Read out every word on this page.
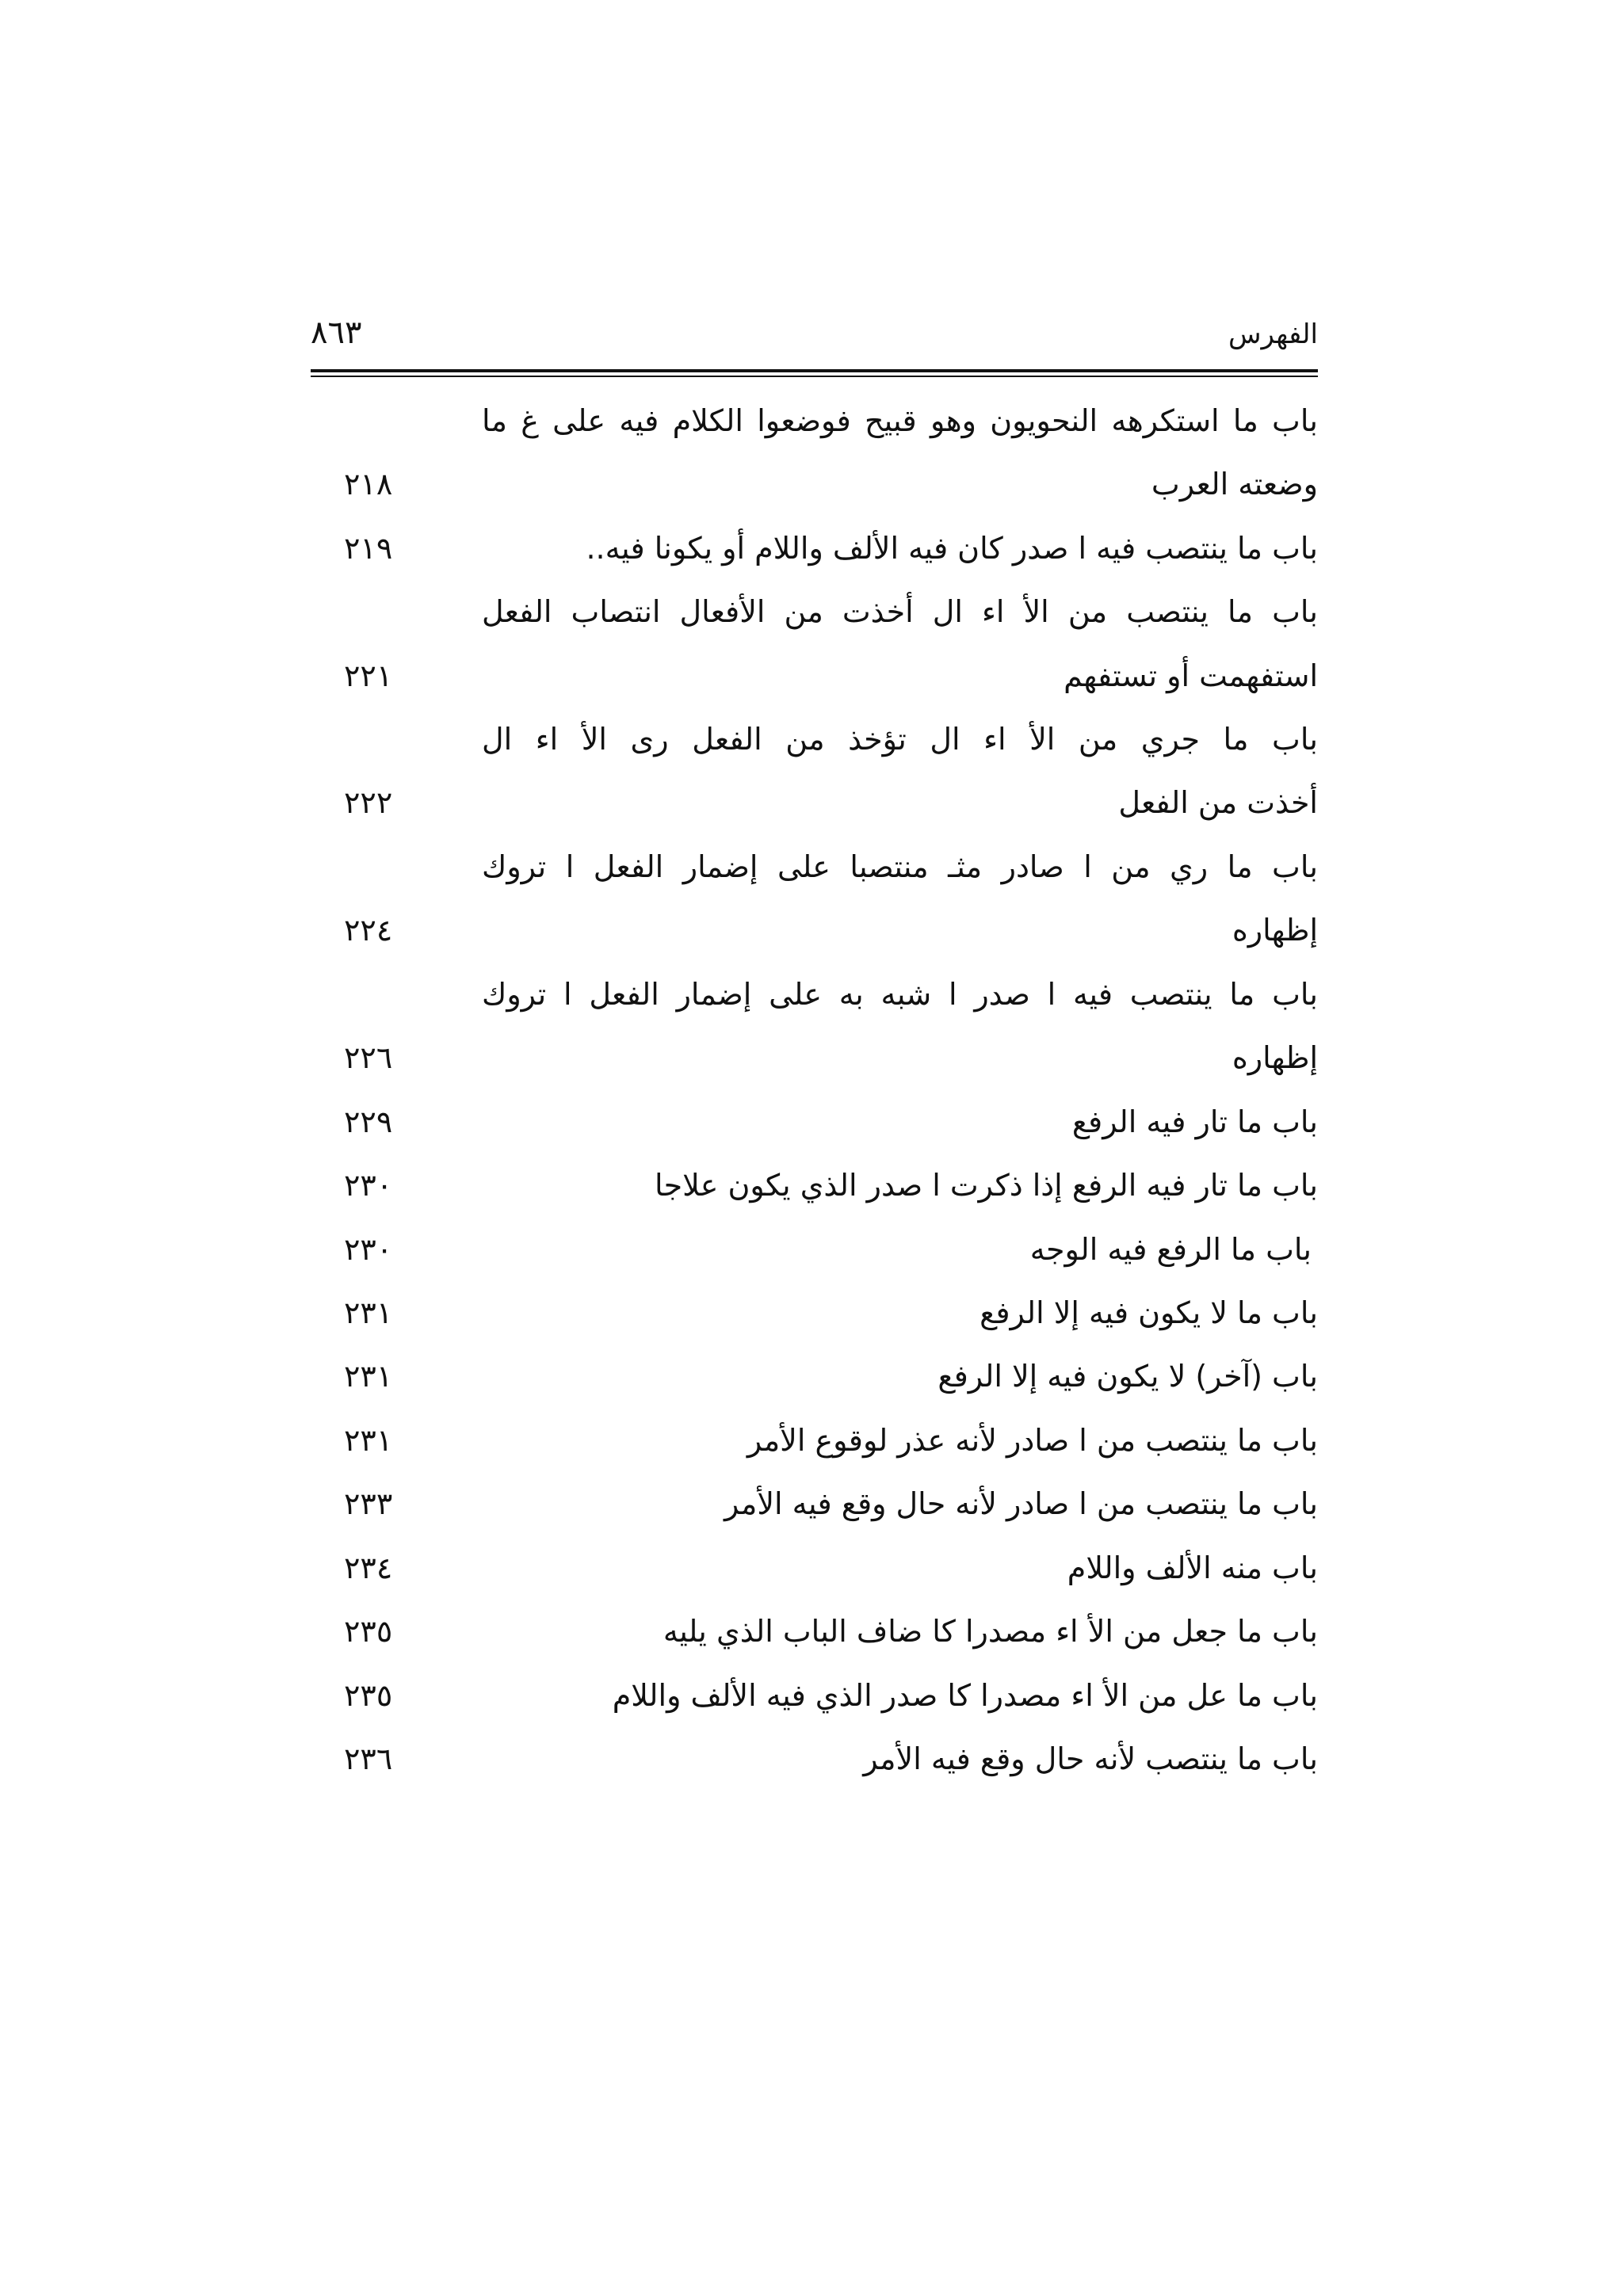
الفهرس
٨٦٣
باب ما استكرهه النحويون وهو قبيح فوضعوا الكلام فيه على غ ما
وضعته العرب
٢١٨
باب ما ينتصب فيه ا صدر كان فيه الألف واللام أو يكونا فيه..
٢١٩
باب ما ينتصب من الأ اء ال أخذت من الأفعال انتصاب الفعل
استفهمت أو تستفهم
٢٢١
باب ما جري من الأ اء ال تؤخذ من الفعل رى الأ اء ال
أخذت من الفعل
٢٢٢
باب ما ري من ا صادر مثـ منتصبا على إضمار الفعل ا تروك
إظهاره
٢٢٤
باب ما ينتصب فيه ا صدر ا شبه به على إضمار الفعل ا تروك
إظهاره
٢٢٦
باب ما تار فيه الرفع
٢٢٩
باب ما تار فيه الرفع إذا ذكرت ا صدر الذي يكون علاجا
٢٣٠
باب ما الرفع فيه الوجه
٢٣٠
باب ما لا يكون فيه إلا الرفع
٢٣١
باب (آخر) لا يكون فيه إلا الرفع
٢٣١
باب ما ينتصب من ا صادر لأنه عذر لوقوع الأمر
٢٣١
باب ما ينتصب من ا صادر لأنه حال وقع فيه الأمر
٢٣٣
باب منه الألف واللام
٢٣٤
باب ما جعل من الأ اء مصدرا كا ضاف الباب الذي يليه
٢٣٥
باب ما عل من الأ اء مصدرا كا صدر الذي فيه الألف واللام
٢٣٥
باب ما ينتصب لأنه حال وقع فيه الأمر
٢٣٦
